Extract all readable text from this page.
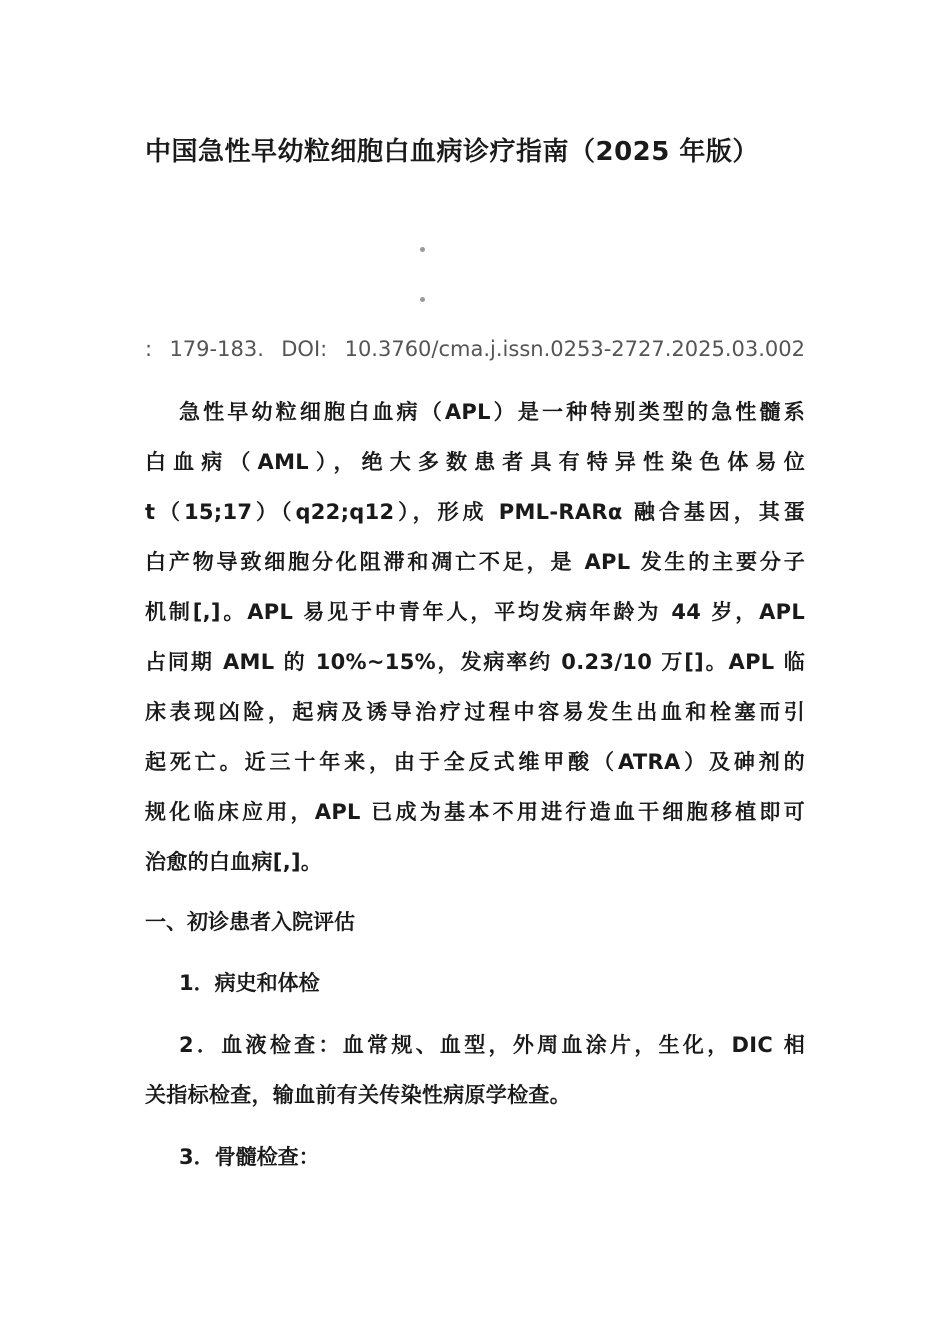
中国急性早幼粒细胞白血病诊疗指南（2025 年版）
: 179-183. DOI: 10.3760/cma.j.issn.0253-2727.2025.03.002
急性早幼粒细胞白血病（APL）是一种特别类型的急性髓系
白血病（AML），绝大多数患者具有特异性染色体易位
t（15;17）（q22;q12），形成 PML-RARα 融合基因，其蛋
白产物导致细胞分化阻滞和凋亡不足，是 APL 发生的主要分子
机制[,]。APL 易见于中青年人，平均发病年龄为 44 岁，APL
占同期 AML 的 10%~15%，发病率约 0.23/10 万[]。APL 临
床表现凶险，起病及诱导治疗过程中容易发生出血和栓塞而引
起死亡。近三十年来，由于全反式维甲酸（ATRA）及砷剂的
规化临床应用，APL 已成为基本不用进行造血干细胞移植即可
治愈的白血病[,]。
一、初诊患者入院评估
1．病史和体检
2．血液检查：血常规、血型，外周血涂片，生化，DIC 相
关指标检查，输血前有关传染性病原学检查。
3．骨髓检查：
